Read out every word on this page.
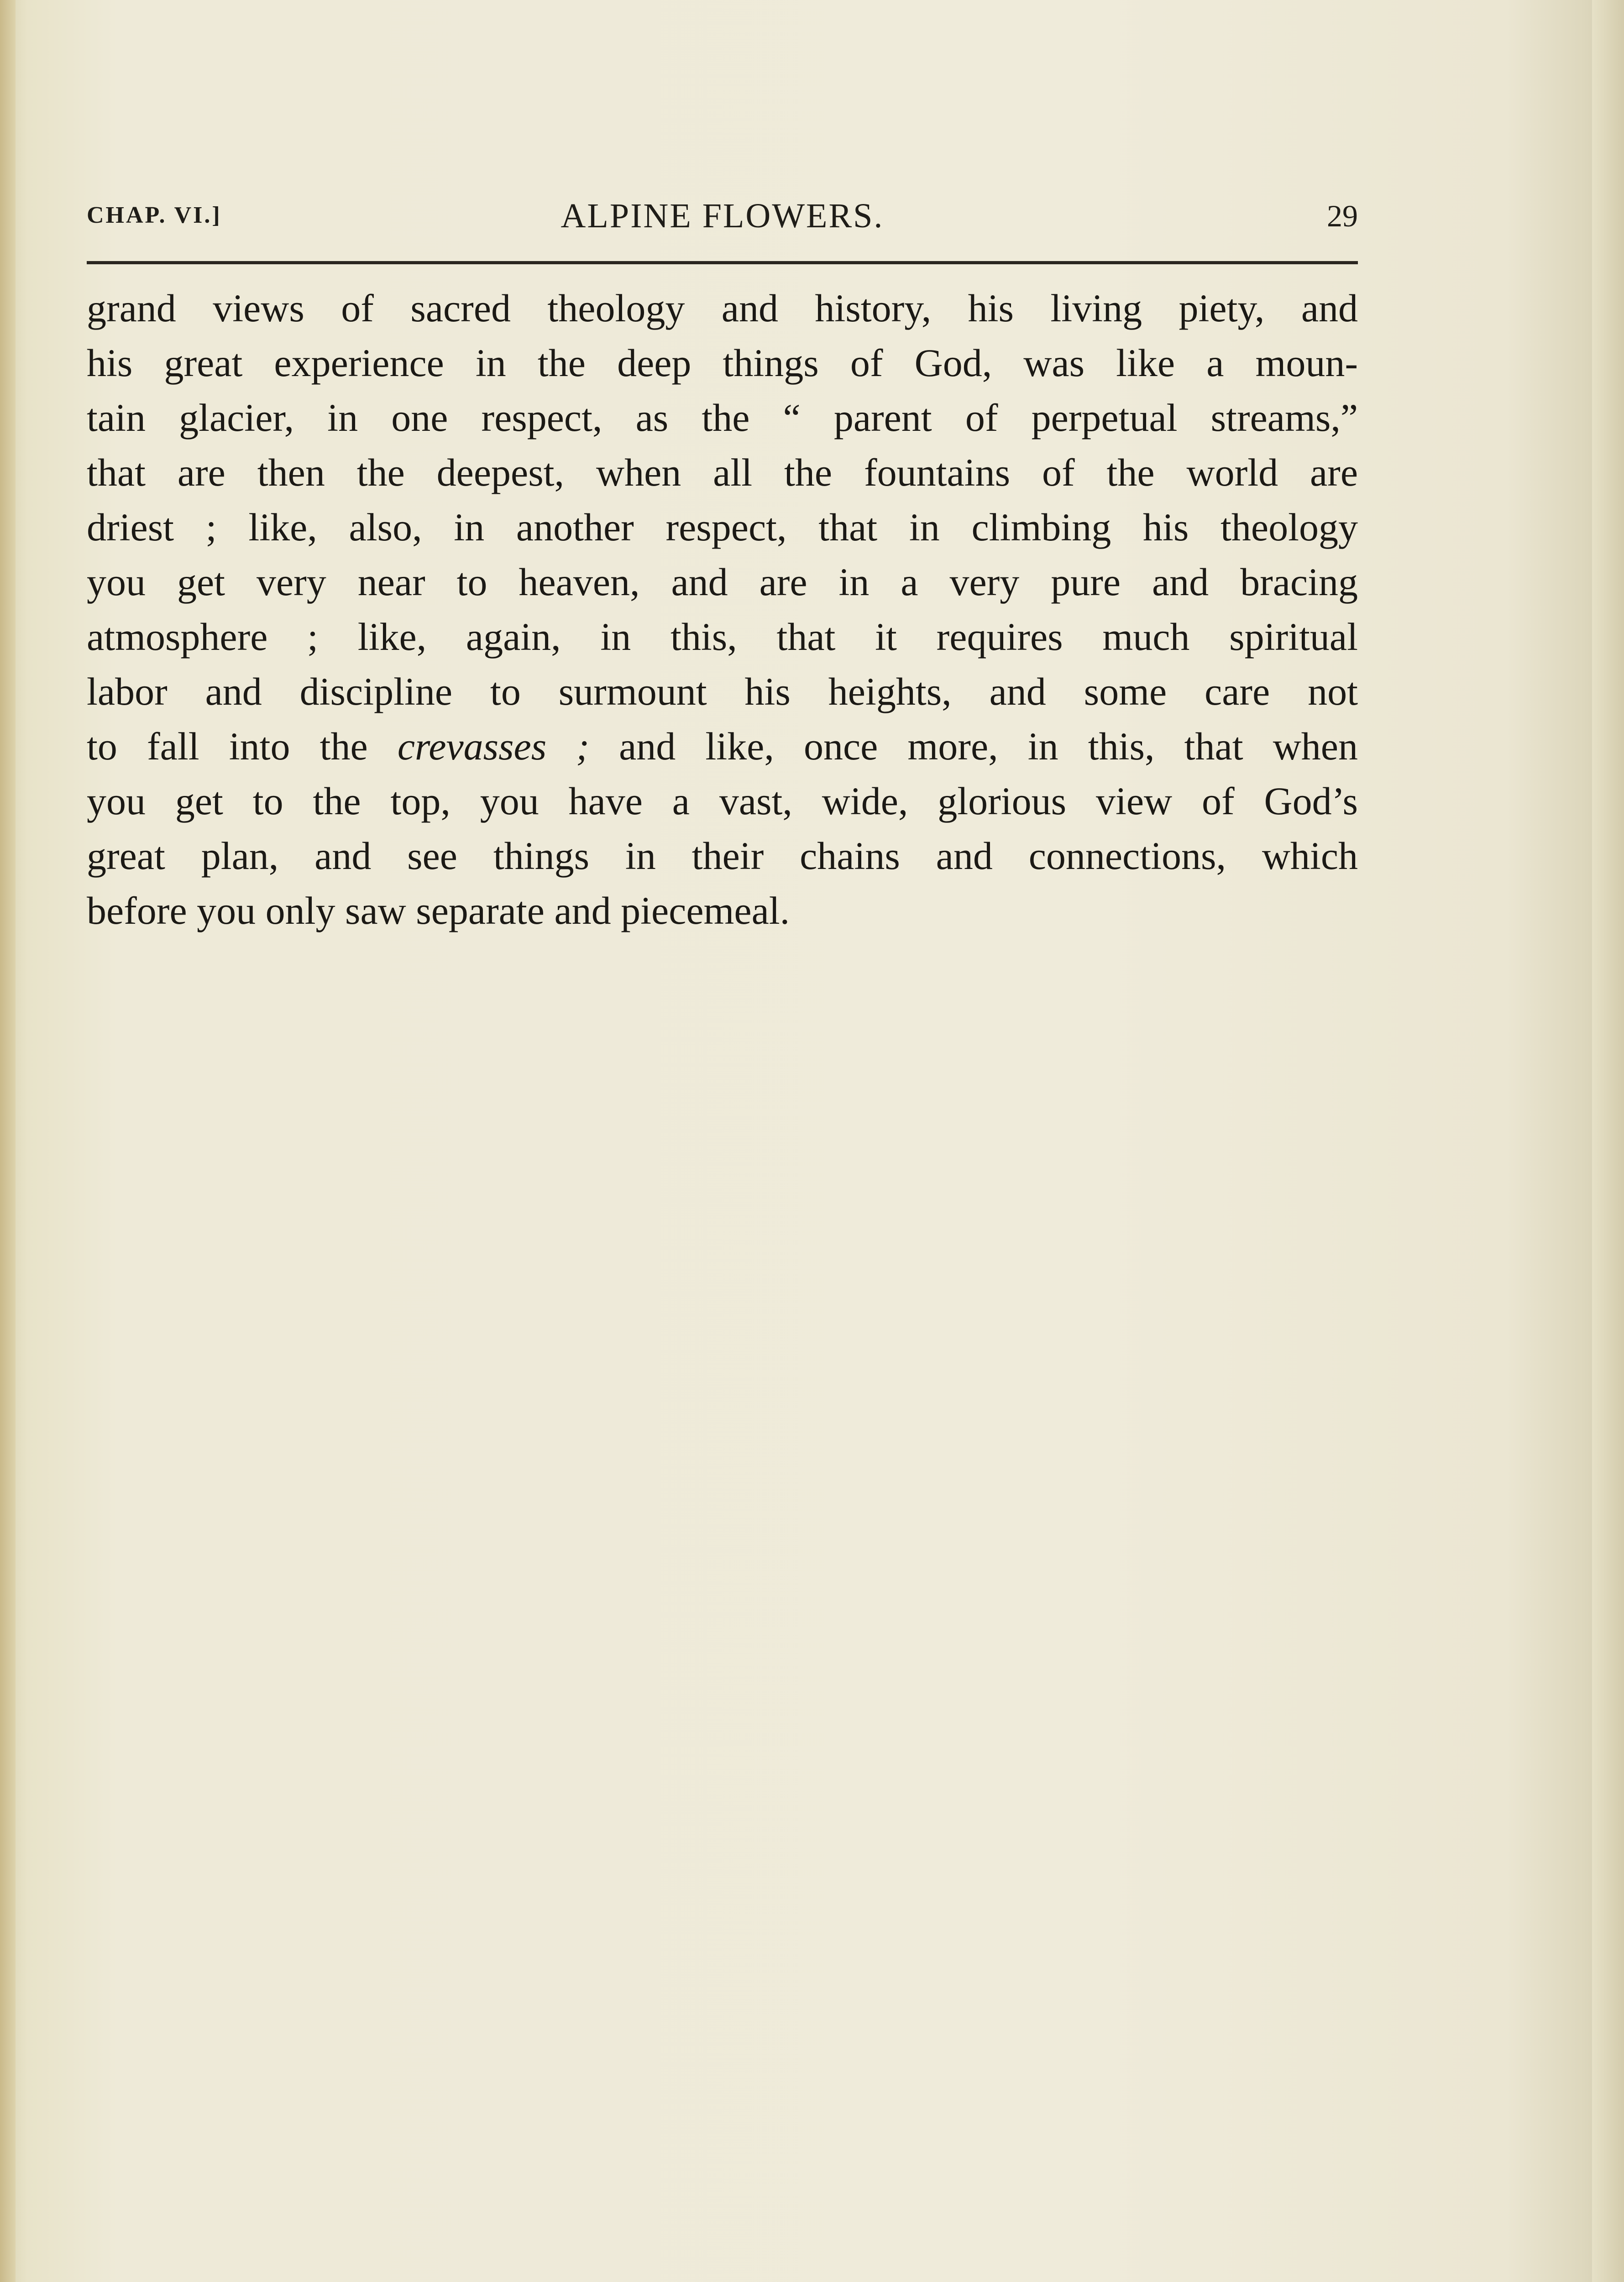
CHAP. VI.]	ALPINE FLOWERS.	29
grand views of sacred theology and history, his living piety, and
his great experience in the deep things of God, was like a moun-
tain glacier, in one respect, as the “ parent of perpetual streams,”
that are then the deepest, when all the fountains of the world are
driest ; like, also, in another respect, that in climbing his theology
you get very near to heaven, and are in a very pure and bracing
atmosphere ; like, again, in this, that it requires much spiritual
labor and discipline to surmount his heights, and some care not
to fall into the crevasses ; and like, once more, in this, that when
you get to the top, you have a vast, wide, glorious view of God’s
great plan, and see things in their chains and connections, which
before you only saw separate and piecemeal.
